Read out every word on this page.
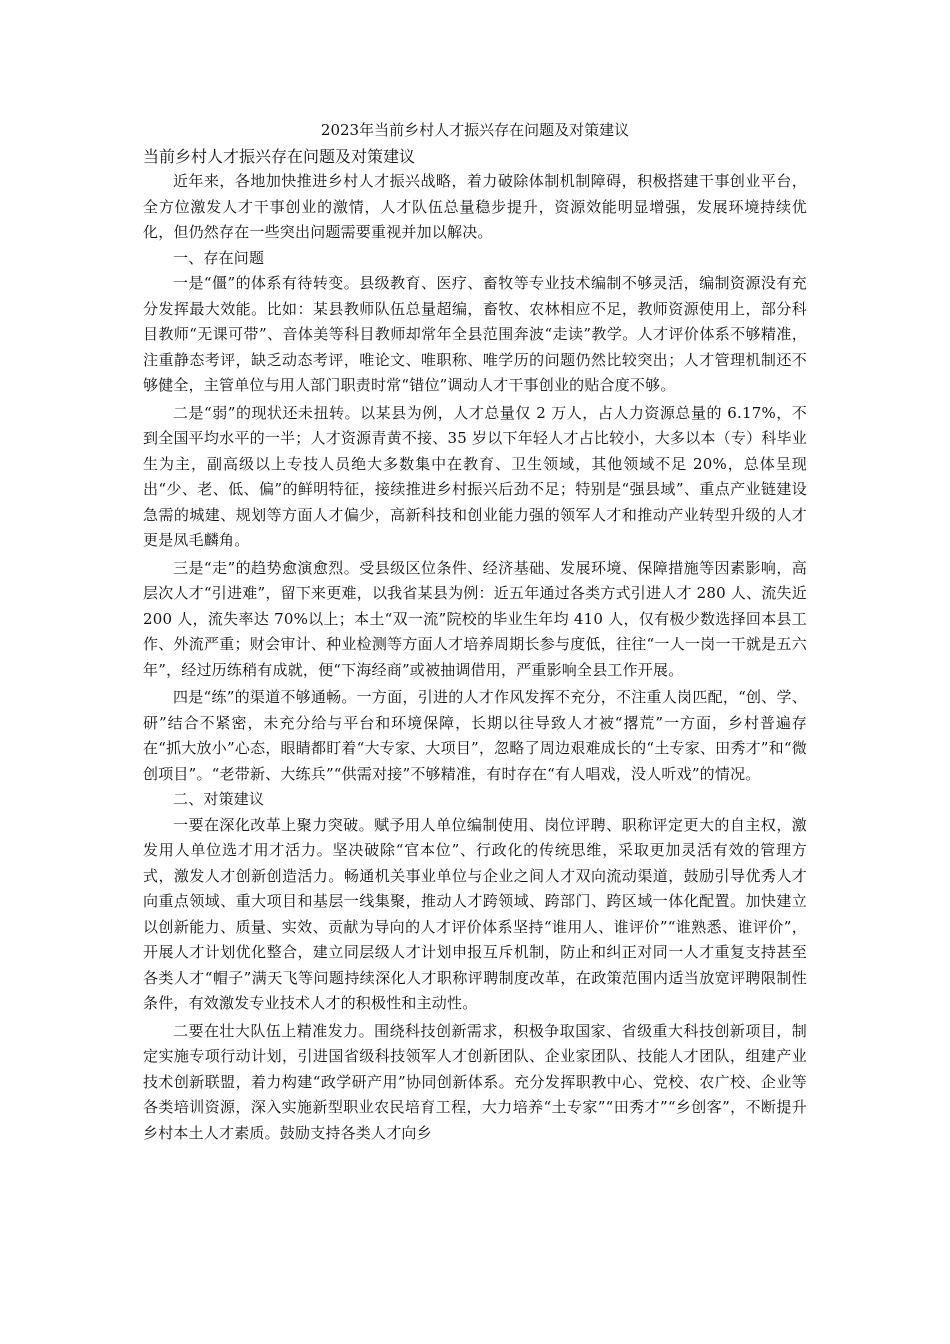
2023年当前乡村人才振兴存在问题及对策建议
当前乡村人才振兴存在问题及对策建议

近年来，各地加快推进乡村人才振兴战略，着力破除体制机制障碍，积极搭建干事创业平台，全方位激发人才干事创业的激情，人才队伍总量稳步提升，资源效能明显增强，发展环境持续优化，但仍然存在一些突出问题需要重视并加以解决。

一、存在问题

一是“僵”的体系有待转变。县级教育、医疗、畜牧等专业技术编制不够灵活，编制资源没有充分发挥最大效能。比如：某县教师队伍总量超编，畜牧、农林相应不足，教师资源使用上，部分科目教师“无课可带”、音体美等科目教师却常年全县范围奔波“走读”教学。人才评价体系不够精准，注重静态考评，缺乏动态考评，唯论文、唯职称、唯学历的问题仍然比较突出；人才管理机制还不够健全，主管单位与用人部门职责时常“错位”调动人才干事创业的贴合度不够。

二是“弱”的现状还未扭转。以某县为例，人才总量仅 2 万人，占人力资源总量的 6.17%，不到全国平均水平的一半；人才资源青黄不接、35 岁以下年轻人才占比较小，大多以本（专）科毕业生为主，副高级以上专技人员绝大多数集中在教育、卫生领域，其他领域不足 20%，总体呈现出“少、老、低、偏”的鲜明特征，接续推进乡村振兴后劲不足；特别是“强县域”、重点产业链建设急需的城建、规划等方面人才偏少，高新科技和创业能力强的领军人才和推动产业转型升级的人才更是凤毛麟角。

三是“走”的趋势愈演愈烈。受县级区位条件、经济基础、发展环境、保障措施等因素影响，高层次人才“引进难”，留下来更难，以我省某县为例：近五年通过各类方式引进人才 280 人、流失近 200 人，流失率达 70%以上；本土“双一流”院校的毕业生年均 410 人，仅有极少数选择回本县工作、外流严重；财会审计、种业检测等方面人才培养周期长参与度低，往往“一人一岗一干就是五六年”，经过历练稍有成就，便“下海经商”或被抽调借用，严重影响全县工作开展。

四是“练”的渠道不够通畅。一方面，引进的人才作风发挥不充分，不注重人岗匹配，“创、学、研”结合不紧密，未充分给与平台和环境保障，长期以往导致人才被“撂荒”一方面，乡村普遍存在“抓大放小”心态，眼睛都盯着“大专家、大项目”，忽略了周边艰难成长的“土专家、田秀才”和“微创项目”。“老带新、大练兵”“供需对接”不够精准，有时存在“有人唱戏，没人听戏”的情况。

二、对策建议

一要在深化改革上聚力突破。赋予用人单位编制使用、岗位评聘、职称评定更大的自主权，激发用人单位选才用才活力。坚决破除“官本位”、行政化的传统思维，采取更加灵活有效的管理方式，激发人才创新创造活力。畅通机关事业单位与企业之间人才双向流动渠道，鼓励引导优秀人才向重点领域、重大项目和基层一线集聚，推动人才跨领域、跨部门、跨区域一体化配置。加快建立以创新能力、质量、实效、贡献为导向的人才评价体系坚持“谁用人、谁评价”“谁熟悉、谁评价”，开展人才计划优化整合，建立同层级人才计划申报互斥机制，防止和纠正对同一人才重复支持甚至各类人才“帽子”满天飞等问题持续深化人才职称评聘制度改革，在政策范围内适当放宽评聘限制性条件，有效激发专业技术人才的积极性和主动性。

二要在壮大队伍上精准发力。围绕科技创新需求，积极争取国家、省级重大科技创新项目，制定实施专项行动计划，引进国省级科技领军人才创新团队、企业家团队、技能人才团队，组建产业技术创新联盟，着力构建“政学研产用”协同创新体系。充分发挥职教中心、党校、农广校、企业等各类培训资源，深入实施新型职业农民培育工程，大力培养“土专家”“田秀才”“乡创客”，不断提升乡村本土人才素质。鼓励支持各类人才向乡
